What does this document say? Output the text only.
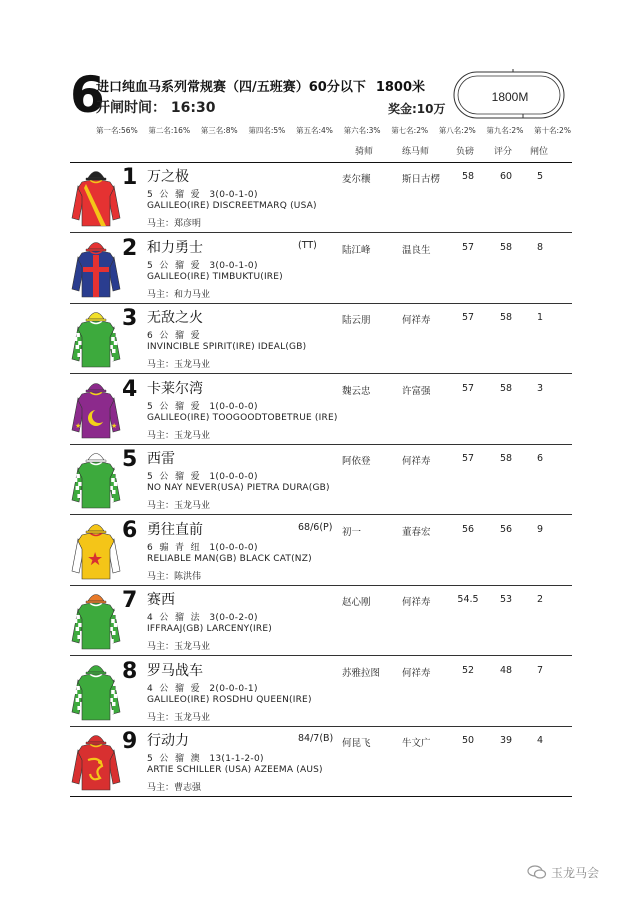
6
进口纯血马系列常规赛（四/五班赛）60分以下 1800米
开闸时间： 16:30	奖金:10万
1800M
第一名:56% 第二名:16% 第三名:8% 第四名:5% 第五名:4% 第六名:3% 第七名:2% 第八名:2% 第九名:2% 第十名:2%
骑师	练马师	负磅 评分 闸位
1 万之极
5  公  骝  爱   3(0-0-1-0)
GALILEO(IRE) DISCREETMARQ (USA)
马主：郑彦明
麦尔穰	斯日古楞	58	60	5
2 和力勇士	(TT)
5  公  骝  爱   3(0-0-1-0)
GALILEO(IRE) TIMBUKTU(IRE)
马主：和力马业
陆江峰	温良生	57	58	8
3 无敌之火
6  公  骝  爱
INVINCIBLE SPIRIT(IRE) IDEAL(GB)
马主：玉龙马业
陆云朋	何祥寿	57	58	1
★	★
4 卡莱尔湾
5  公  骝  爱   1(0-0-0-0)
GALILEO(IRE) TOOGOODTOBETRUE (IRE)
马主：玉龙马业
魏云忠	许富强	57	58	3
5 西雷
5  公  骝  爱   1(0-0-0-0)
NO NAY NEVER(USA) PIETRA DURA(GB)
马主：玉龙马业
阿依登	何祥寿	57	58	6
★
6 勇往直前	68/6(P)
6  骟  青  纽   1(0-0-0-0)
RELIABLE MAN(GB) BLACK CAT(NZ)
马主：陈洪伟
初一	董春宏	56	56	9
7 赛西
4  公  骝  法   3(0-0-2-0)
IFFRAAJ(GB) LARCENY(IRE)
马主：玉龙马业
赵心刚	何祥寿	54.5	53	2
8 罗马战车
4  公  骝  爱   2(0-0-0-1)
GALILEO(IRE) ROSDHU QUEEN(IRE)
马主：玉龙马业
苏雅拉图 何祥寿	52	48	7
9 行动力	84/7(B)
5  公  骝  澳   13(1-1-2-0)
ARTIE SCHILLER (USA) AZEEMA (AUS)
马主：曹志强
何昆飞	牛文广	50	39	4
玉龙马会
